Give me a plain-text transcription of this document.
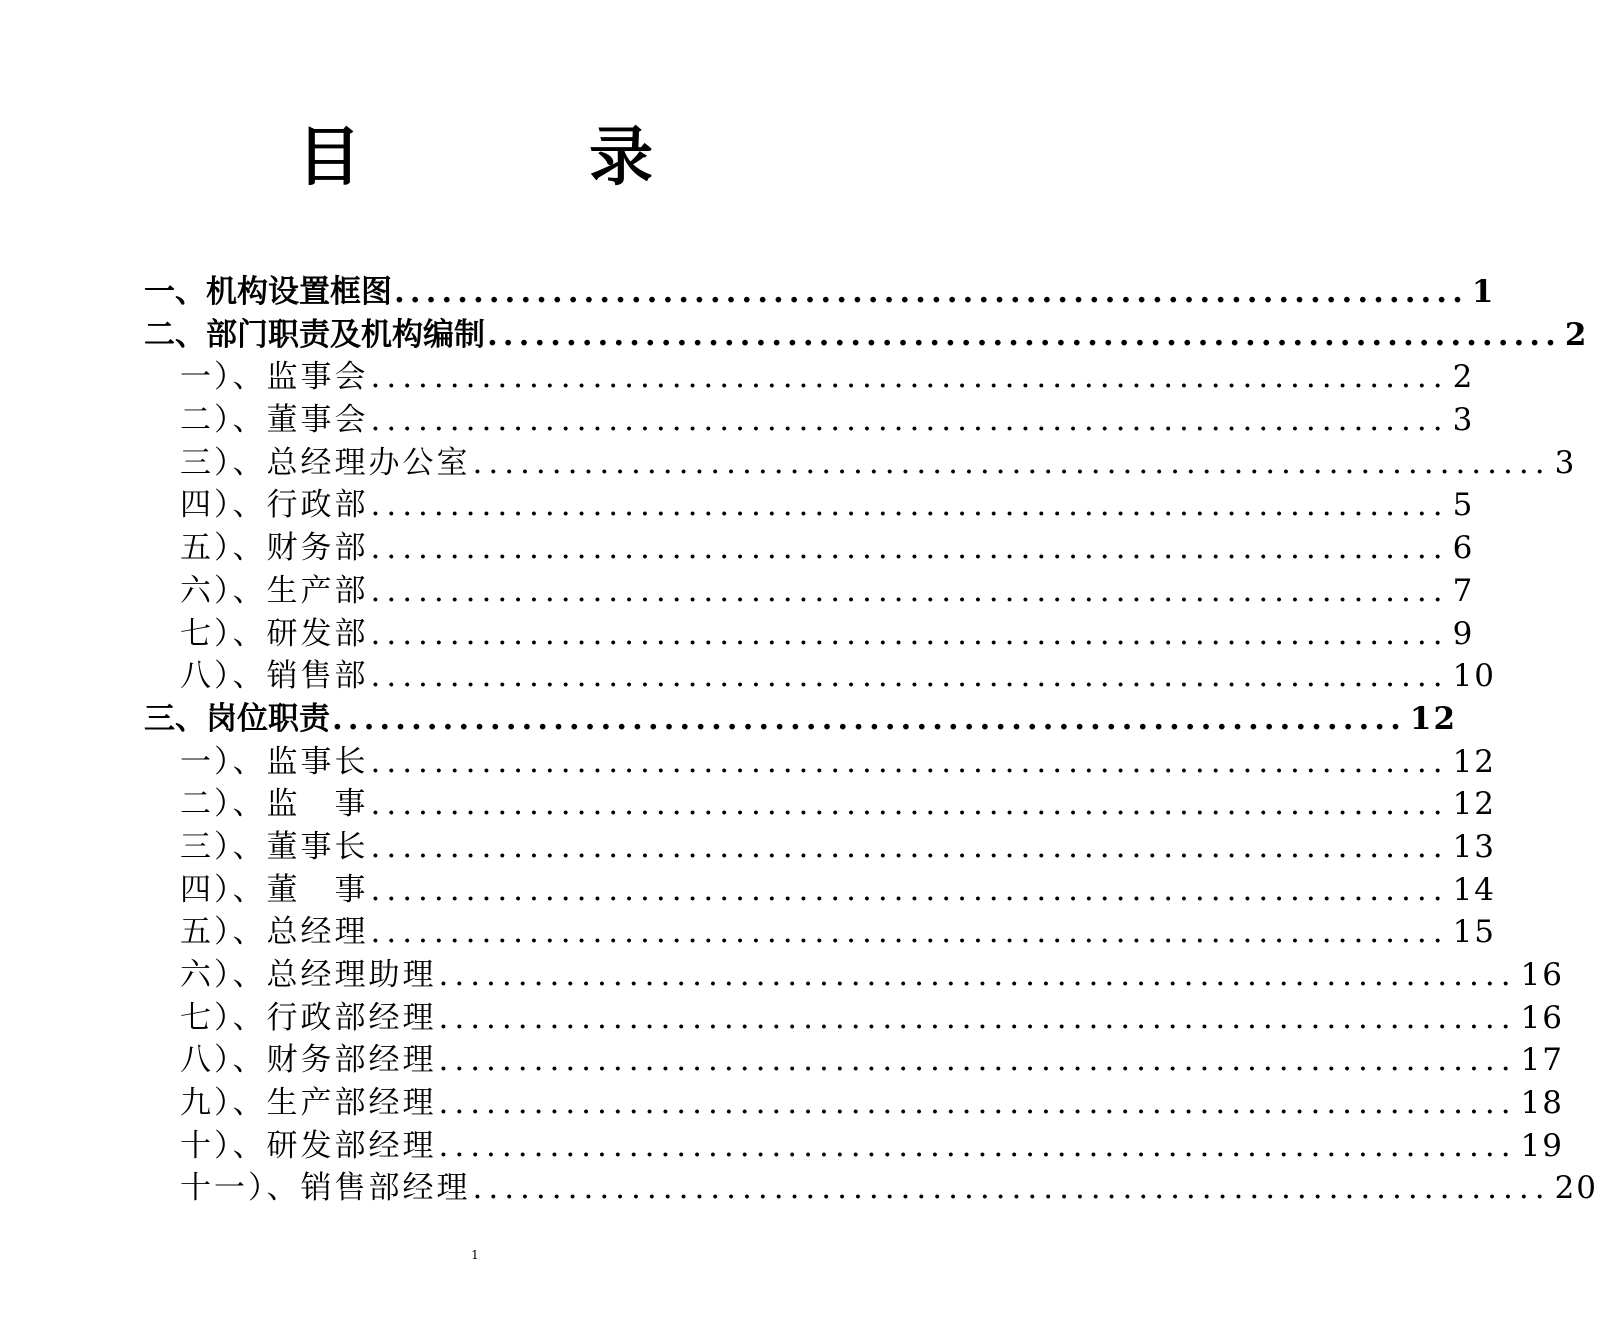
目　录
一、机构设置框图 .................................................................... 1
二、部门职责及机构编制 .................................................................... 2
一）、监事会 .................................................................... 2
二）、董事会 .................................................................... 3
三）、总经理办公室 .................................................................... 3
四）、行政部 .................................................................... 5
五）、财务部 .................................................................... 6
六）、生产部 .................................................................... 7
七）、研发部 .................................................................... 9
八）、销售部 .................................................................... 10
三、岗位职责 .................................................................... 12
一）、监事长 .................................................................... 12
二）、监　事 .................................................................... 12
三）、董事长 .................................................................... 13
四）、董　事 .................................................................... 14
五）、总经理 .................................................................... 15
六）、总经理助理 .................................................................... 16
七）、行政部经理 .................................................................... 16
八）、财务部经理 .................................................................... 17
九）、生产部经理 .................................................................... 18
十）、研发部经理 .................................................................... 19
十一）、销售部经理 .................................................................... 20
1
